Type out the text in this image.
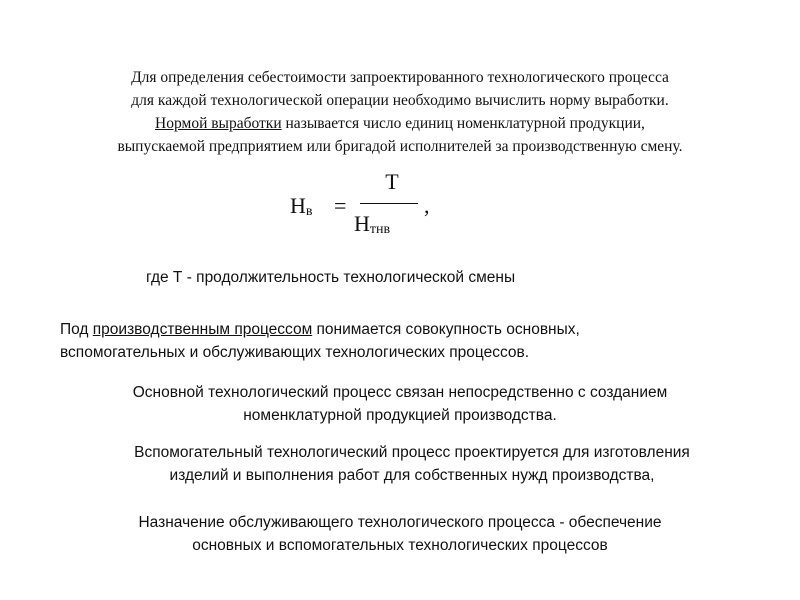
Для определения себестоимости запроектированного технологического процесса
для каждой технологической операции необходимо вычислить норму выработки.
Нормой выработки называется число единиц номенклатурной продукции,
выпускаемой предприятием или бригадой исполнителей за производственную смену.
$Н_в$ =
Т
$Н_{тнв}$
,
где Т - продолжительность технологической смены
Под производственным процессом понимается совокупность основных,
вспомогательных и обслуживающих технологических процессов.
Основной технологический процесс связан непосредственно с созданием
номенклатурной продукцией производства.
Вспомогательный технологический процесс проектируется для изготовления
изделий и выполнения работ для собственных нужд производства,
Назначение обслуживающего технологического процесса - обеспечение
основных и вспомогательных технологических процессов
